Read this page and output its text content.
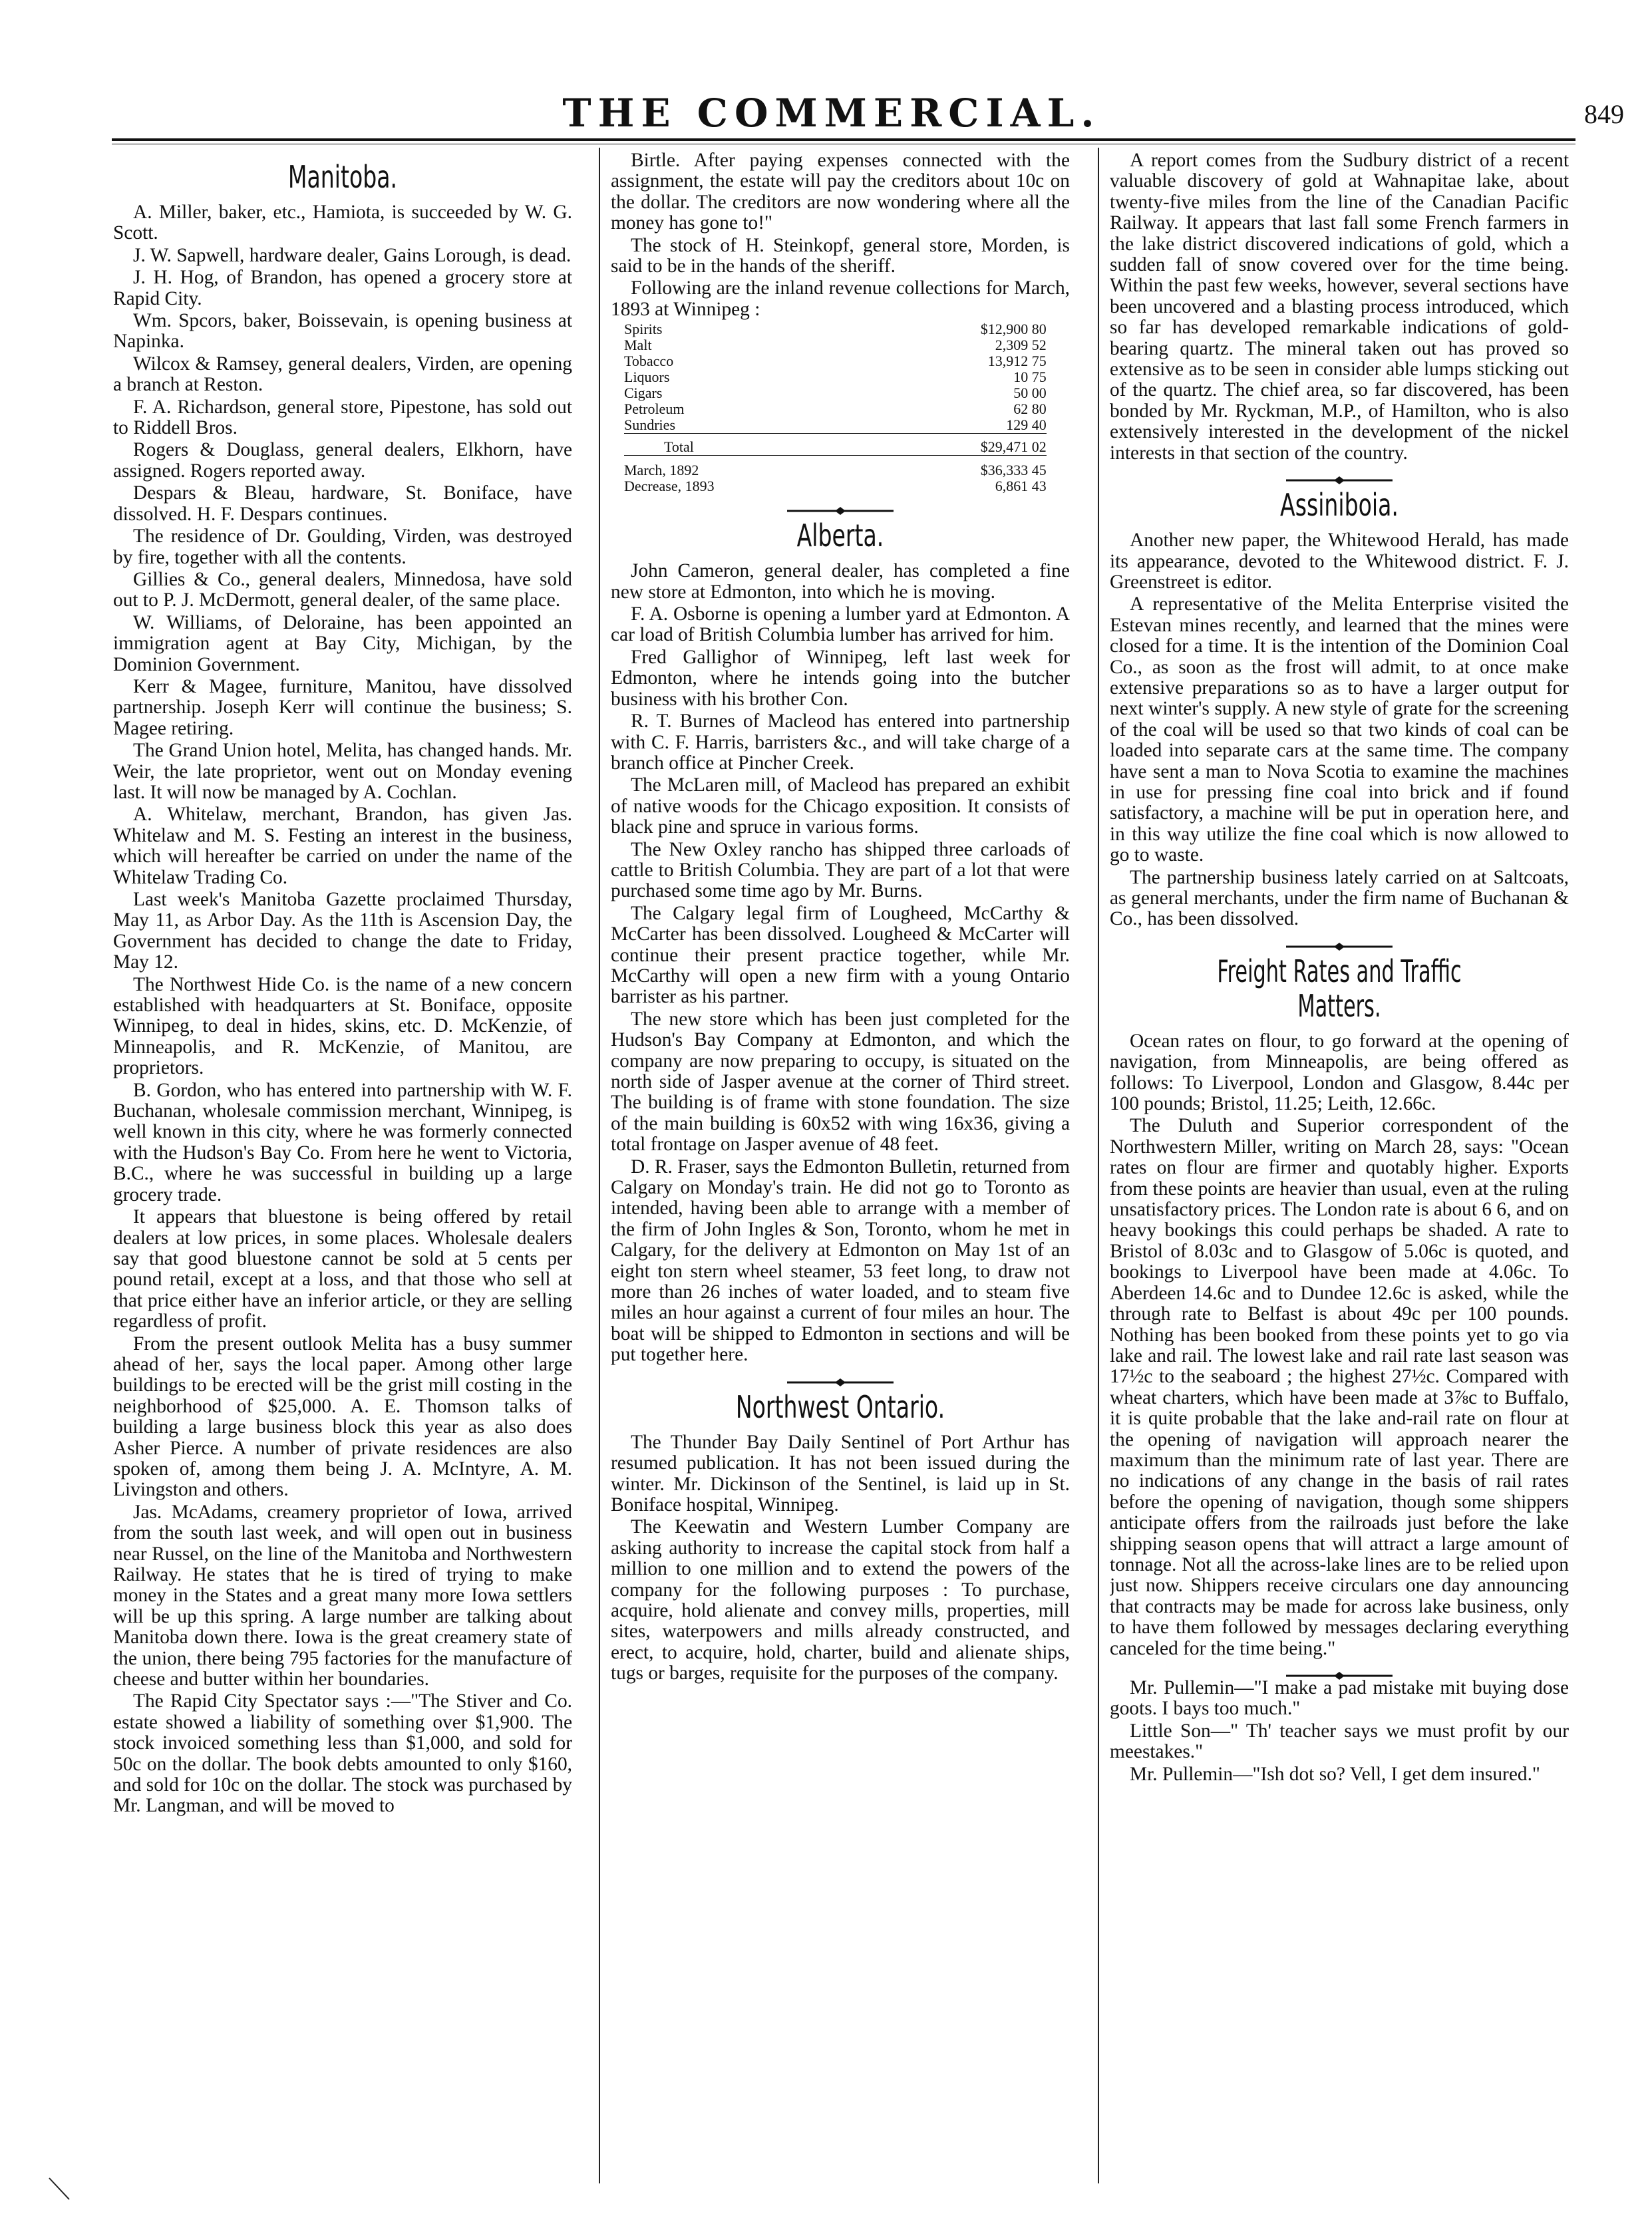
THE COMMERCIAL.	849
Manitoba.

A. Miller, baker, etc., Hamiota, is succeeded by W. G. Scott.

J. W. Sapwell, hardware dealer, Gains Lorough, is dead.

J. H. Hog, of Brandon, has opened a grocery store at Rapid City.

Wm. Spcors, baker, Boissevain, is opening business at Napinka.

Wilcox & Ramsey, general dealers, Virden, are opening a branch at Reston.

F. A. Richardson, general store, Pipestone, has sold out to Riddell Bros.

Rogers & Douglass, general dealers, Elkhorn, have assigned. Rogers reported away.

Despars & Bleau, hardware, St. Boniface, have dissolved. H. F. Despars continues.

The residence of Dr. Goulding, Virden, was destroyed by fire, together with all the contents.

Gillies & Co., general dealers, Minnedosa, have sold out to P. J. McDermott, general dealer, of the same place.

W. Williams, of Deloraine, has been appointed an immigration agent at Bay City, Michigan, by the Dominion Government.

Kerr & Magee, furniture, Manitou, have dissolved partnership. Joseph Kerr will continue the business; S. Magee retiring.

The Grand Union hotel, Melita, has changed hands. Mr. Weir, the late proprietor, went out on Monday evening last. It will now be managed by A. Cochlan.

A. Whitelaw, merchant, Brandon, has given Jas. Whitelaw and M. S. Festing an interest in the business, which will hereafter be carried on under the name of the Whitelaw Trading Co.

Last week's Manitoba Gazette proclaimed Thursday, May 11, as Arbor Day. As the 11th is Ascension Day, the Government has decided to change the date to Friday, May 12.

The Northwest Hide Co. is the name of a new concern established with headquarters at St. Boniface, opposite Winnipeg, to deal in hides, skins, etc. D. McKenzie, of Minneapolis, and R. McKenzie, of Manitou, are proprietors.

B. Gordon, who has entered into partnership with W. F. Buchanan, wholesale commission merchant, Winnipeg, is well known in this city, where he was formerly connected with the Hudson's Bay Co. From here he went to Victoria, B.C., where he was successful in building up a large grocery trade.

It appears that bluestone is being offered by retail dealers at low prices, in some places. Wholesale dealers say that good bluestone cannot be sold at 5 cents per pound retail, except at a loss, and that those who sell at that price either have an inferior article, or they are selling regardless of profit.

From the present outlook Melita has a busy summer ahead of her, says the local paper. Among other large buildings to be erected will be the grist mill costing in the neighborhood of $25,000. A. E. Thomson talks of building a large business block this year as also does Asher Pierce. A number of private residences are also spoken of, among them being J. A. McIntyre, A. M. Livingston and others.

Jas. McAdams, creamery proprietor of Iowa, arrived from the south last week, and will open out in business near Russel, on the line of the Manitoba and Northwestern Railway. He states that he is tired of trying to make money in the States and a great many more Iowa settlers will be up this spring. A large number are talking about Manitoba down there. Iowa is the great creamery state of the union, there being 795 factories for the manufacture of cheese and butter within her boundaries.

The Rapid City Spectator says :—"The Stiver and Co. estate showed a liability of something over $1,900. The stock invoiced something less than $1,000, and sold for 50c on the dollar. The book debts amounted to only $160, and sold for 10c on the dollar. The stock was purchased by Mr. Langman, and will be moved to

Birtle. After paying expenses connected with the assignment, the estate will pay the creditors about 10c on the dollar. The creditors are now wondering where all the money has gone to!"

The stock of H. Steinkopf, general store, Morden, is said to be in the hands of the sheriff.

Following are the inland revenue collections for March, 1893 at Winnipeg :

Spirits	$12,900 80
Malt	2,309 52
Tobacco	13,912 75
Liquors	10 75
Cigars	50 00
Petroleum	62 80
Sundries	129 40
Total	$29,471 02
March, 1892	$36,333 45
Decrease, 1893	6,861 43
Alberta.

John Cameron, general dealer, has completed a fine new store at Edmonton, into which he is moving.

F. A. Osborne is opening a lumber yard at Edmonton. A car load of British Columbia lumber has arrived for him.

Fred Gallighor of Winnipeg, left last week for Edmonton, where he intends going into the butcher business with his brother Con.

R. T. Burnes of Macleod has entered into partnership with C. F. Harris, barristers &c., and will take charge of a branch office at Pincher Creek.

The McLaren mill, of Macleod has prepared an exhibit of native woods for the Chicago exposition. It consists of black pine and spruce in various forms.

The New Oxley rancho has shipped three carloads of cattle to British Columbia. They are part of a lot that were purchased some time ago by Mr. Burns.

The Calgary legal firm of Lougheed, McCarthy & McCarter has been dissolved. Lougheed & McCarter will continue their present practice together, while Mr. McCarthy will open a new firm with a young Ontario barrister as his partner.

The new store which has been just completed for the Hudson's Bay Company at Edmonton, and which the company are now preparing to occupy, is situated on the north side of Jasper avenue at the corner of Third street. The building is of frame with stone foundation. The size of the main building is 60x52 with wing 16x36, giving a total frontage on Jasper avenue of 48 feet.

D. R. Fraser, says the Edmonton Bulletin, returned from Calgary on Monday's train. He did not go to Toronto as intended, having been able to arrange with a member of the firm of John Ingles & Son, Toronto, whom he met in Calgary, for the delivery at Edmonton on May 1st of an eight ton stern wheel steamer, 53 feet long, to draw not more than 26 inches of water loaded, and to steam five miles an hour against a current of four miles an hour. The boat will be shipped to Edmonton in sections and will be put together here.

Northwest Ontario.

The Thunder Bay Daily Sentinel of Port Arthur has resumed publication. It has not been issued during the winter. Mr. Dickinson of the Sentinel, is laid up in St. Boniface hospital, Winnipeg.

The Keewatin and Western Lumber Company are asking authority to increase the capital stock from half a million to one million and to extend the powers of the company for the following purposes : To purchase, acquire, hold alienate and convey mills, properties, mill sites, waterpowers and mills already constructed, and erect, to acquire, hold, charter, build and alienate ships, tugs or barges, requisite for the purposes of the company.

A report comes from the Sudbury district of a recent valuable discovery of gold at Wahnapitae lake, about twenty-five miles from the line of the Canadian Pacific Railway. It appears that last fall some French farmers in the lake district discovered indications of gold, which a sudden fall of snow covered over for the time being. Within the past few weeks, however, several sections have been uncovered and a blasting process introduced, which so far has developed remarkable indications of gold-bearing quartz. The mineral taken out has proved so extensive as to be seen in consider able lumps sticking out of the quartz. The chief area, so far discovered, has been bonded by Mr. Ryckman, M.P., of Hamilton, who is also extensively interested in the development of the nickel interests in that section of the country.

Assiniboia.

Another new paper, the Whitewood Herald, has made its appearance, devoted to the Whitewood district. F. J. Greenstreet is editor.

A representative of the Melita Enterprise visited the Estevan mines recently, and learned that the mines were closed for a time. It is the intention of the Dominion Coal Co., as soon as the frost will admit, to at once make extensive preparations so as to have a larger output for next winter's supply. A new style of grate for the screening of the coal will be used so that two kinds of coal can be loaded into separate cars at the same time. The company have sent a man to Nova Scotia to examine the machines in use for pressing fine coal into brick and if found satisfactory, a machine will be put in operation here, and in this way utilize the fine coal which is now allowed to go to waste.

The partnership business lately carried on at Saltcoats, as general merchants, under the firm name of Buchanan & Co., has been dissolved.

Freight Rates and Traffic Matters.

Ocean rates on flour, to go forward at the opening of navigation, from Minneapolis, are being offered as follows: To Liverpool, London and Glasgow, 8.44c per 100 pounds; Bristol, 11.25; Leith, 12.66c.

The Duluth and Superior correspondent of the Northwestern Miller, writing on March 28, says: "Ocean rates on flour are firmer and quotably higher. Exports from these points are heavier than usual, even at the ruling unsatisfactory prices. The London rate is about 6 6, and on heavy bookings this could perhaps be shaded. A rate to Bristol of 8.03c and to Glasgow of 5.06c is quoted, and bookings to Liverpool have been made at 4.06c. To Aberdeen 14.6c and to Dundee 12.6c is asked, while the through rate to Belfast is about 49c per 100 pounds. Nothing has been booked from these points yet to go via lake and rail. The lowest lake and rail rate last season was 17½c to the seaboard ; the highest 27½c. Compared with wheat charters, which have been made at 3⅞c to Buffalo, it is quite probable that the lake and-rail rate on flour at the opening of navigation will approach nearer the maximum than the minimum rate of last year. There are no indications of any change in the basis of rail rates before the opening of navigation, though some shippers anticipate offers from the railroads just before the lake shipping season opens that will attract a large amount of tonnage. Not all the across-lake lines are to be relied upon just now. Shippers receive circulars one day announcing that contracts may be made for across lake business, only to have them followed by messages declaring everything canceled for the time being."

Mr. Pullemin—"I make a pad mistake mit buying dose goots. I bays too much."

Little Son—" Th' teacher says we must profit by our meestakes."

Mr. Pullemin—"Ish dot so? Vell, I get dem insured."
